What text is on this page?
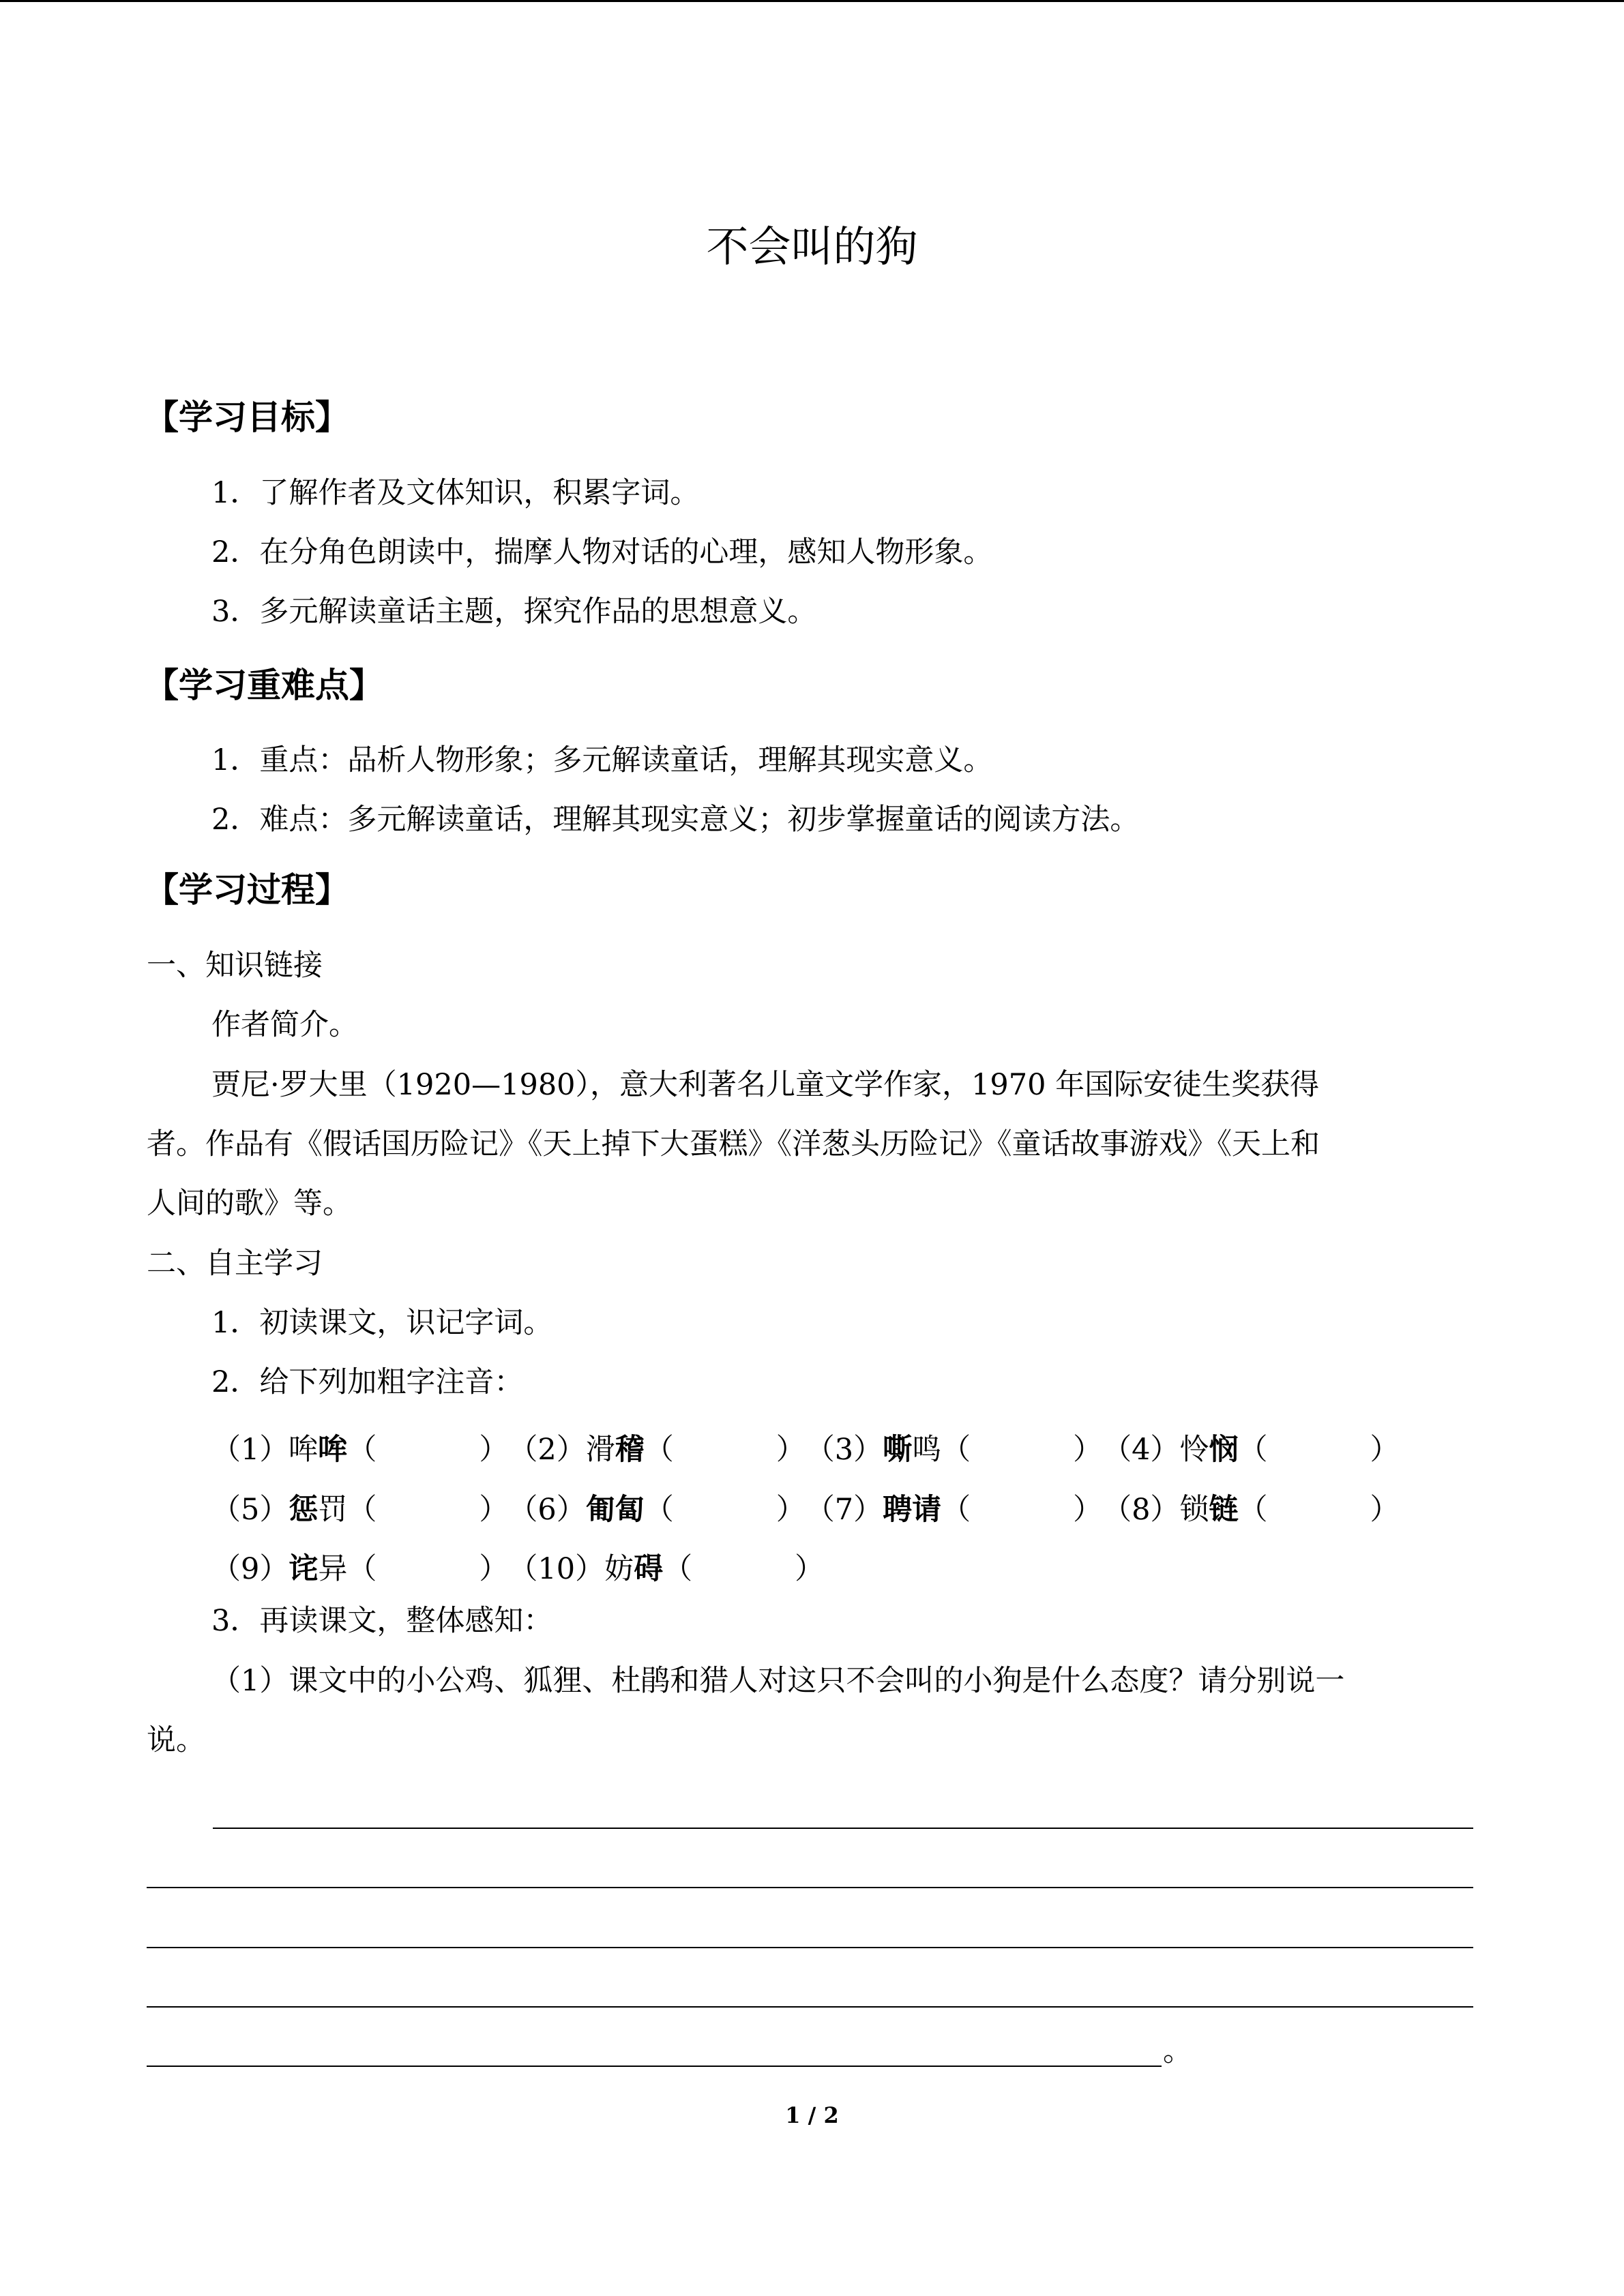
不会叫的狗
【学习目标】
1．了解作者及文体知识，积累字词。
2．在分角色朗读中，揣摩人物对话的心理，感知人物形象。
3．多元解读童话主题，探究作品的思想意义。
【学习重难点】
1．重点：品析人物形象；多元解读童话，理解其现实意义。
2．难点：多元解读童话，理解其现实意义；初步掌握童话的阅读方法。
【学习过程】
一、知识链接
作者简介。
贾尼·罗大里（1920—1980），意大利著名儿童文学作家，1970 年国际安徒生奖获得
者。作品有《假话国历险记》《天上掉下大蛋糕》《洋葱头历险记》《童话故事游戏》《天上和
人间的歌》等。
二、自主学习
1．初读课文，识记字词。
2．给下列加粗字注音：
（1）哞哞（	）（2）滑稽（	）（3）嘶鸣（	）（4）怜悯（	）
（5）惩罚（	）（6）匍匐（	）（7）聘请（	）（8）锁链（	）
（9）诧异（	）（10）妨碍（	）
3．再读课文，整体感知：
（1）课文中的小公鸡、狐狸、杜鹃和猎人对这只不会叫的小狗是什么态度？请分别说一
说。
。
1 / 2
